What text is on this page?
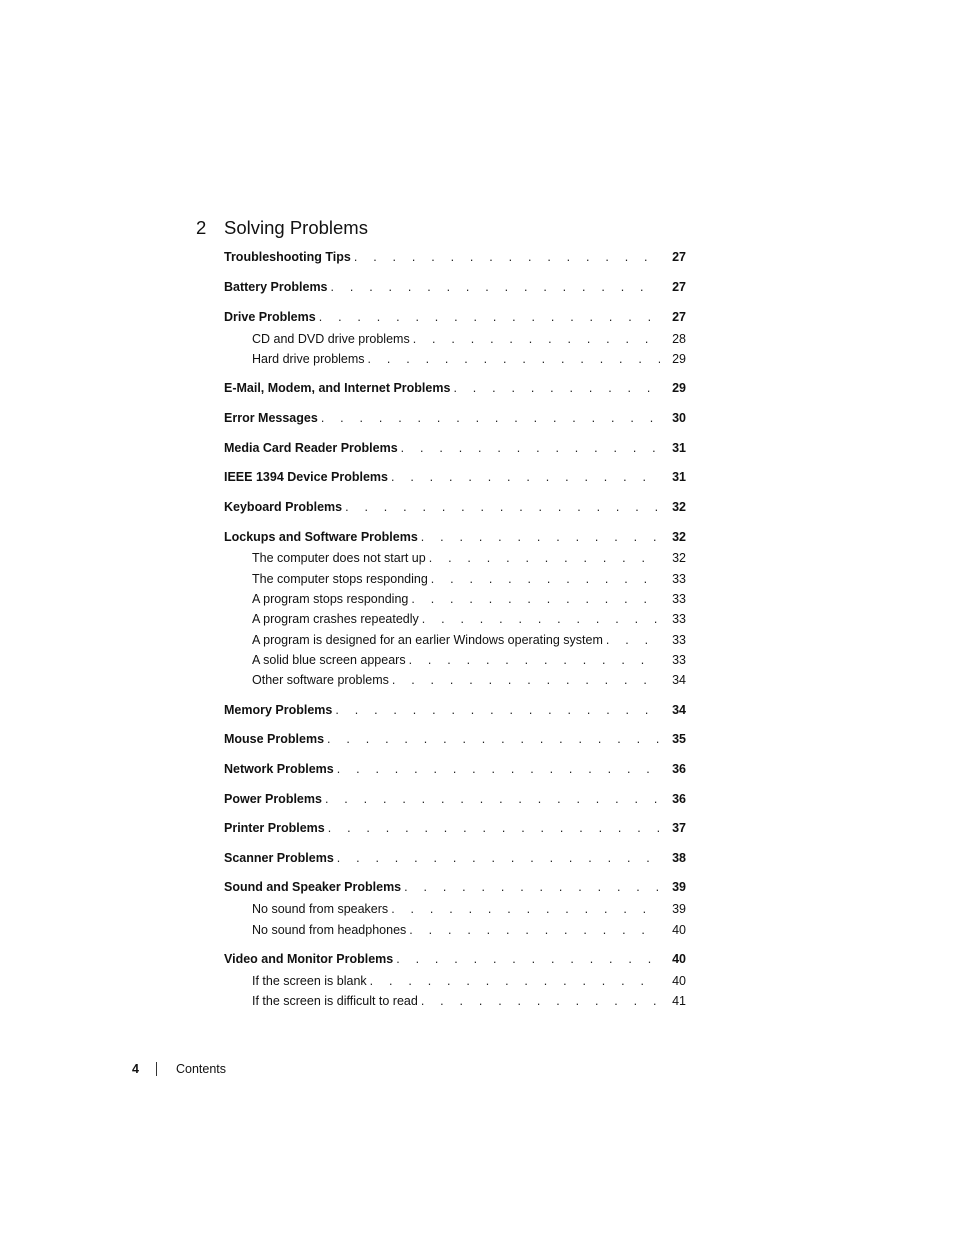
2 Solving Problems
Troubleshooting Tips . . .	27
Battery Problems . . .	27
Drive Problems . . .	27
CD and DVD drive problems . . .	28
Hard drive problems . . .	29
E-Mail, Modem, and Internet Problems . . .	29
Error Messages . . .	30
Media Card Reader Problems . . .	31
IEEE 1394 Device Problems . . .	31
Keyboard Problems . . .	32
Lockups and Software Problems . . .	32
The computer does not start up . . .	32
The computer stops responding . . .	33
A program stops responding . . .	33
A program crashes repeatedly . . .	33
A program is designed for an earlier Windows operating system . . .	33
A solid blue screen appears . . .	33
Other software problems . . .	34
Memory Problems . . .	34
Mouse Problems . . .	35
Network Problems . . .	36
Power Problems . . .	36
Printer Problems . . .	37
Scanner Problems . . .	38
Sound and Speaker Problems . . .	39
No sound from speakers . . .	39
No sound from headphones . . .	40
Video and Monitor Problems . . .	40
If the screen is blank . . .	40
If the screen is difficult to read . . .	41
4	Contents
